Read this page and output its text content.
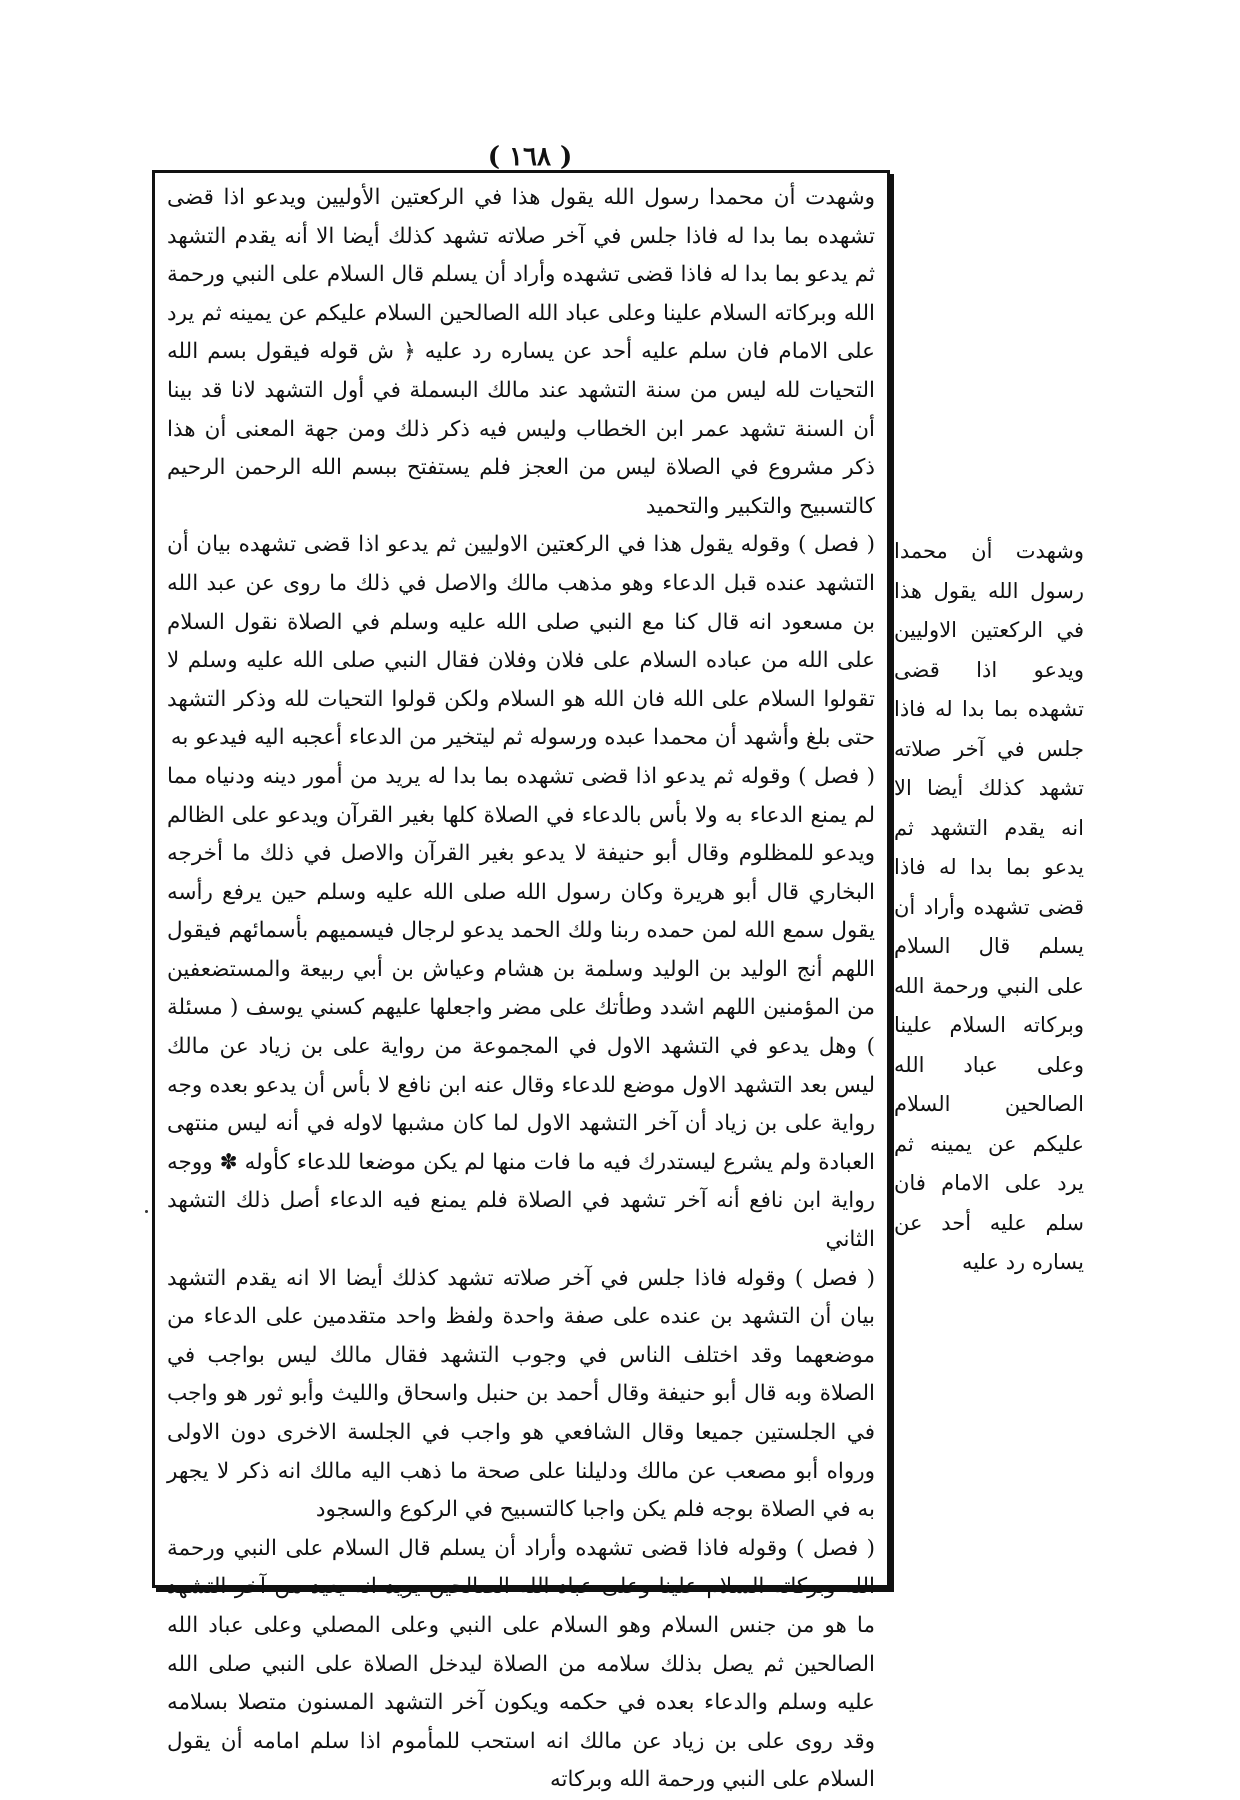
( ١٦٨ )

وشهدت أن محمدا رسول الله يقول هذا في الركعتين الأوليين ويدعو اذا قضى تشهده بما بدا له فاذا جلس في آخر صلاته تشهد كذلك أيضا الا أنه يقدم التشهد ثم يدعو بما بدا له فاذا قضى تشهده وأراد أن يسلم قال السلام على النبي ورحمة الله وبركاته السلام علينا وعلى عباد الله الصالحين السلام عليكم عن يمينه ثم يرد على الامام فان سلم عليه أحد عن يساره رد عليه ﴿ ش قوله فيقول بسم الله التحيات لله ليس من سنة التشهد عند مالك البسملة في أول التشهد لانا قد بينا أن السنة تشهد عمر ابن الخطاب وليس فيه ذكر ذلك ومن جهة المعنى أن هذا ذكر مشروع في الصلاة ليس من العجز فلم يستفتح ببسم الله الرحمن الرحيم كالتسبيح والتكبير والتحميد

( فصل ) وقوله يقول هذا في الركعتين الاوليين ثم يدعو اذا قضى تشهده بيان أن التشهد عنده قبل الدعاء وهو مذهب مالك والاصل في ذلك ما روى عن عبد الله بن مسعود انه قال كنا مع النبي صلى الله عليه وسلم في الصلاة نقول السلام على الله من عباده السلام على فلان وفلان فقال النبي صلى الله عليه وسلم لا تقولوا السلام على الله فان الله هو السلام ولكن قولوا التحيات لله وذكر التشهد حتى بلغ وأشهد أن محمدا عبده ورسوله ثم ليتخير من الدعاء أعجبه اليه فيدعو به

( فصل ) وقوله ثم يدعو اذا قضى تشهده بما بدا له يريد من أمور دينه ودنياه مما لم يمنع الدعاء به ولا بأس بالدعاء في الصلاة كلها بغير القرآن ويدعو على الظالم ويدعو للمظلوم وقال أبو حنيفة لا يدعو بغير القرآن والاصل في ذلك ما أخرجه البخاري قال أبو هريرة وكان رسول الله صلى الله عليه وسلم حين يرفع رأسه يقول سمع الله لمن حمده ربنا ولك الحمد يدعو لرجال فيسميهم بأسمائهم فيقول اللهم أنج الوليد بن الوليد وسلمة بن هشام وعياش بن أبي ربيعة والمستضعفين من المؤمنين اللهم اشدد وطأتك على مضر واجعلها عليهم كسني يوسف ( مسئلة ) وهل يدعو في التشهد الاول في المجموعة من رواية على بن زياد عن مالك ليس بعد التشهد الاول موضع للدعاء وقال عنه ابن نافع لا بأس أن يدعو بعده وجه رواية على بن زياد أن آخر التشهد الاول لما كان مشبها لاوله في أنه ليس منتهى العبادة ولم يشرع ليستدرك فيه ما فات منها لم يكن موضعا للدعاء كأوله ✽ ووجه رواية ابن نافع أنه آخر تشهد في الصلاة فلم يمنع فيه الدعاء أصل ذلك التشهد الثاني

( فصل ) وقوله فاذا جلس في آخر صلاته تشهد كذلك أيضا الا انه يقدم التشهد بيان أن التشهد بن عنده على صفة واحدة ولفظ واحد متقدمين على الدعاء من موضعهما وقد اختلف الناس في وجوب التشهد فقال مالك ليس بواجب في الصلاة وبه قال أبو حنيفة وقال أحمد بن حنبل واسحاق والليث وأبو ثور هو واجب في الجلستين جميعا وقال الشافعي هو واجب في الجلسة الاخرى دون الاولى ورواه أبو مصعب عن مالك ودليلنا على صحة ما ذهب اليه مالك انه ذكر لا يجهر به في الصلاة بوجه فلم يكن واجبا كالتسبيح في الركوع والسجود

( فصل ) وقوله فاذا قضى تشهده وأراد أن يسلم قال السلام على النبي ورحمة الله وبركاته السلام علينا وعلى عباد الله الصالحين يريد انه يعيد من آخر التشهد ما هو من جنس السلام وهو السلام على النبي وعلى المصلي وعلى عباد الله الصالحين ثم يصل بذلك سلامه من الصلاة ليدخل الصلاة على النبي صلى الله عليه وسلم والدعاء بعده في حكمه ويكون آخر التشهد المسنون متصلا بسلامه وقد روى على بن زياد عن مالك انه استحب للمأموم اذا سلم امامه أن يقول السلام على النبي ورحمة الله وبركاته

وشهدت أن محمدا رسول الله يقول هذا في الركعتين الاوليين ويدعو اذا قضى تشهده بما بدا له فاذا جلس في آخر صلاته تشهد كذلك أيضا الا انه يقدم التشهد ثم يدعو بما بدا له فاذا قضى تشهده وأراد أن يسلم قال السلام على النبي ورحمة الله وبركاته السلام علينا وعلى عباد الله الصالحين السلام عليكم عن يمينه ثم يرد على الامام فان سلم عليه أحد عن يساره رد عليه
